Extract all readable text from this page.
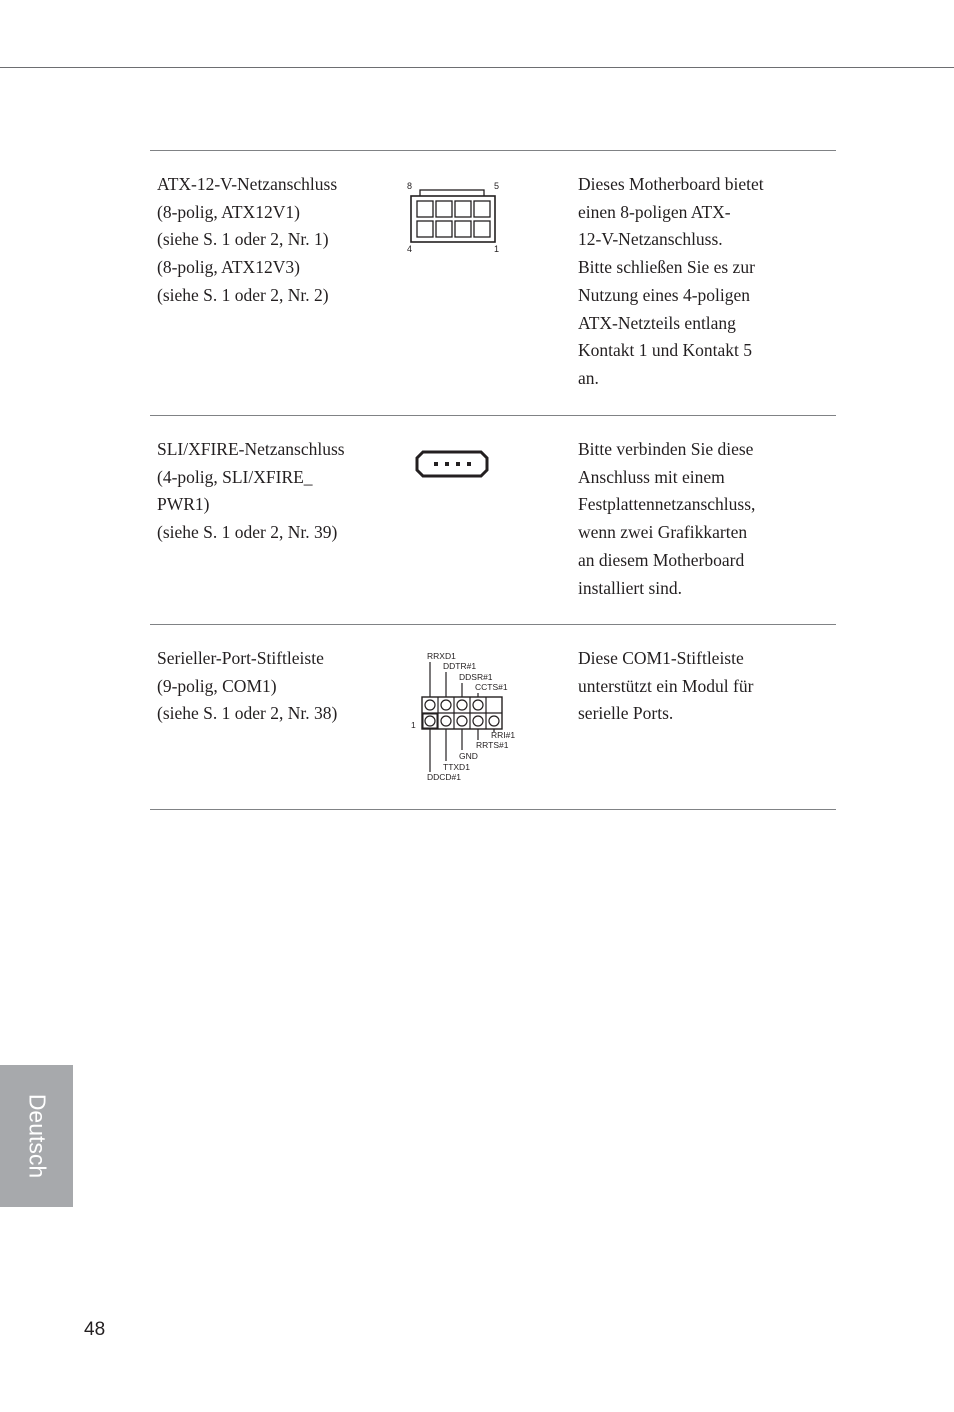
ATX-12-V-Netzanschluss
(8-polig, ATX12V1)
(siehe S. 1 oder 2, Nr. 1)
(8-polig, ATX12V3)
(siehe S. 1 oder 2, Nr. 2)
8	5
4	1
Dieses Motherboard bietet
einen 8-poligen ATX-
12-V-Netzanschluss.
Bitte schließen Sie es zur
Nutzung eines 4-poligen
ATX-Netzteils entlang
Kontakt 1 und Kontakt 5
an.
SLI/XFIRE-Netzanschluss
(4-polig, SLI/XFIRE_
PWR1)
(siehe S. 1 oder 2, Nr. 39)
Bitte verbinden Sie diese
Anschluss mit einem
Festplattennetzanschluss,
wenn zwei Grafikkarten
an diesem Motherboard
installiert sind.
Serieller-Port-Stiftleiste
(9-polig, COM1)
(siehe S. 1 oder 2, Nr. 38)
RRXD1
DDTR#1
DDSR#1
CCTS#1
1
RRI#1
RRTS#1
GND
TTXD1
DDCD#1
Diese COM1-Stiftleiste
unterstützt ein Modul für
serielle Ports.
Deutsch
48
